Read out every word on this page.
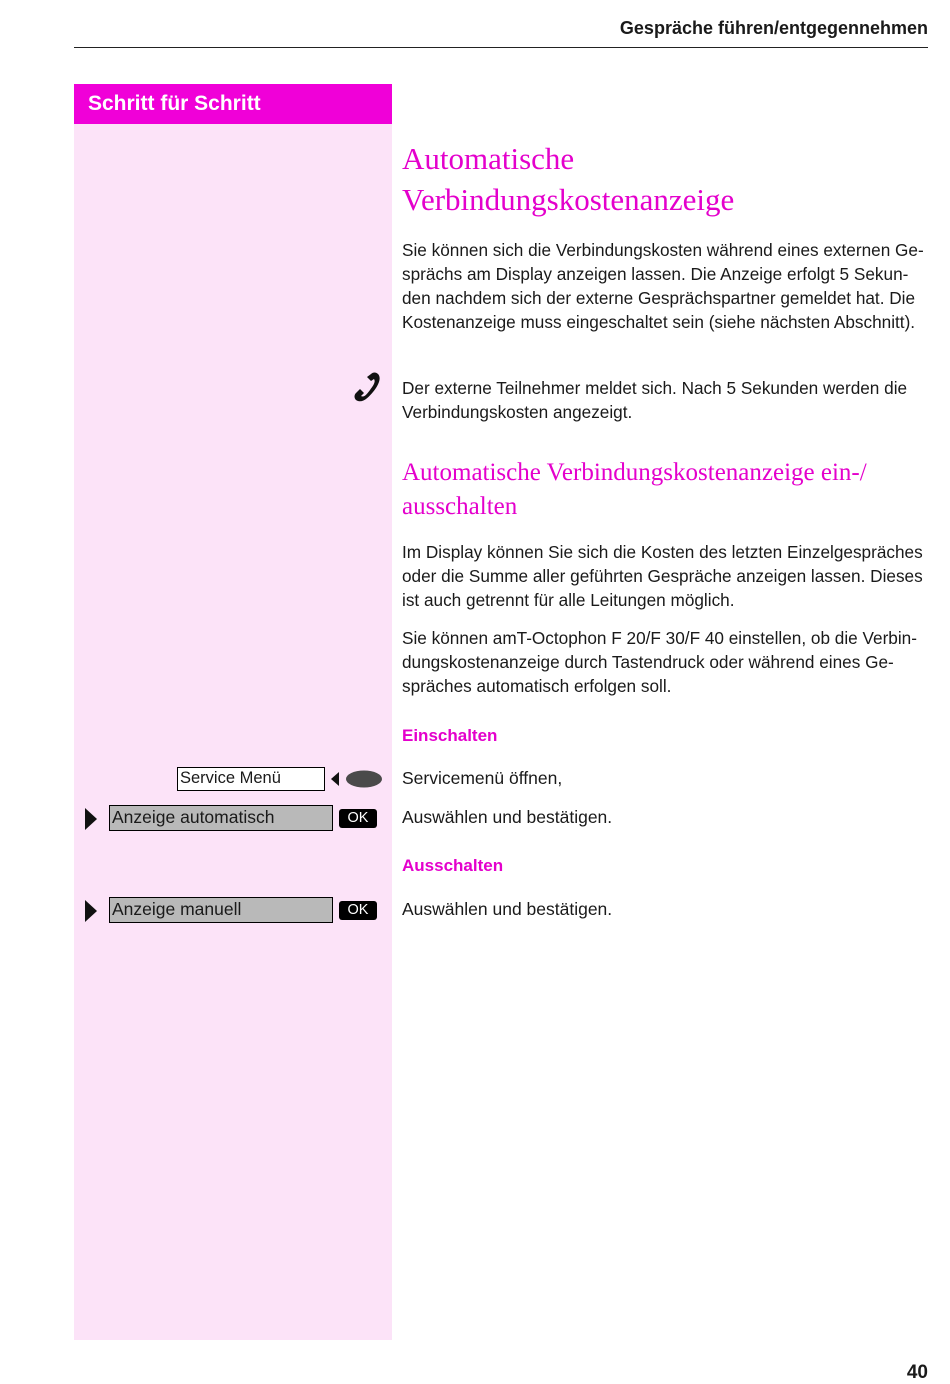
Gespräche führen/entgegennehmen
Schritt für Schritt
Automatische
Verbindungskostenanzeige
Sie können sich die Verbindungskosten während eines externen Ge-
sprächs am Display anzeigen lassen. Die Anzeige erfolgt 5 Sekun-
den nachdem sich der externe Gesprächspartner gemeldet hat. Die
Kostenanzeige muss eingeschaltet sein (siehe nächsten Abschnitt).
Der externe Teilnehmer meldet sich. Nach 5 Sekunden werden die
Verbindungskosten angezeigt.
Automatische Verbindungskostenanzeige ein-/
ausschalten
Im Display können Sie sich die Kosten des letzten Einzelgespräches
oder die Summe aller geführten Gespräche anzeigen lassen. Dieses
ist auch getrennt für alle Leitungen möglich.
Sie können amT-Octophon F 20/F 30/F 40 einstellen, ob die Verbin-
dungskostenanzeige durch Tastendruck oder während eines Ge-
spräches automatisch erfolgen soll.
Einschalten
Service Menü	Servicemenü öffnen,
Anzeige automatisch	OK	Auswählen und bestätigen.
Ausschalten
Anzeige manuell	OK	Auswählen und bestätigen.
40
